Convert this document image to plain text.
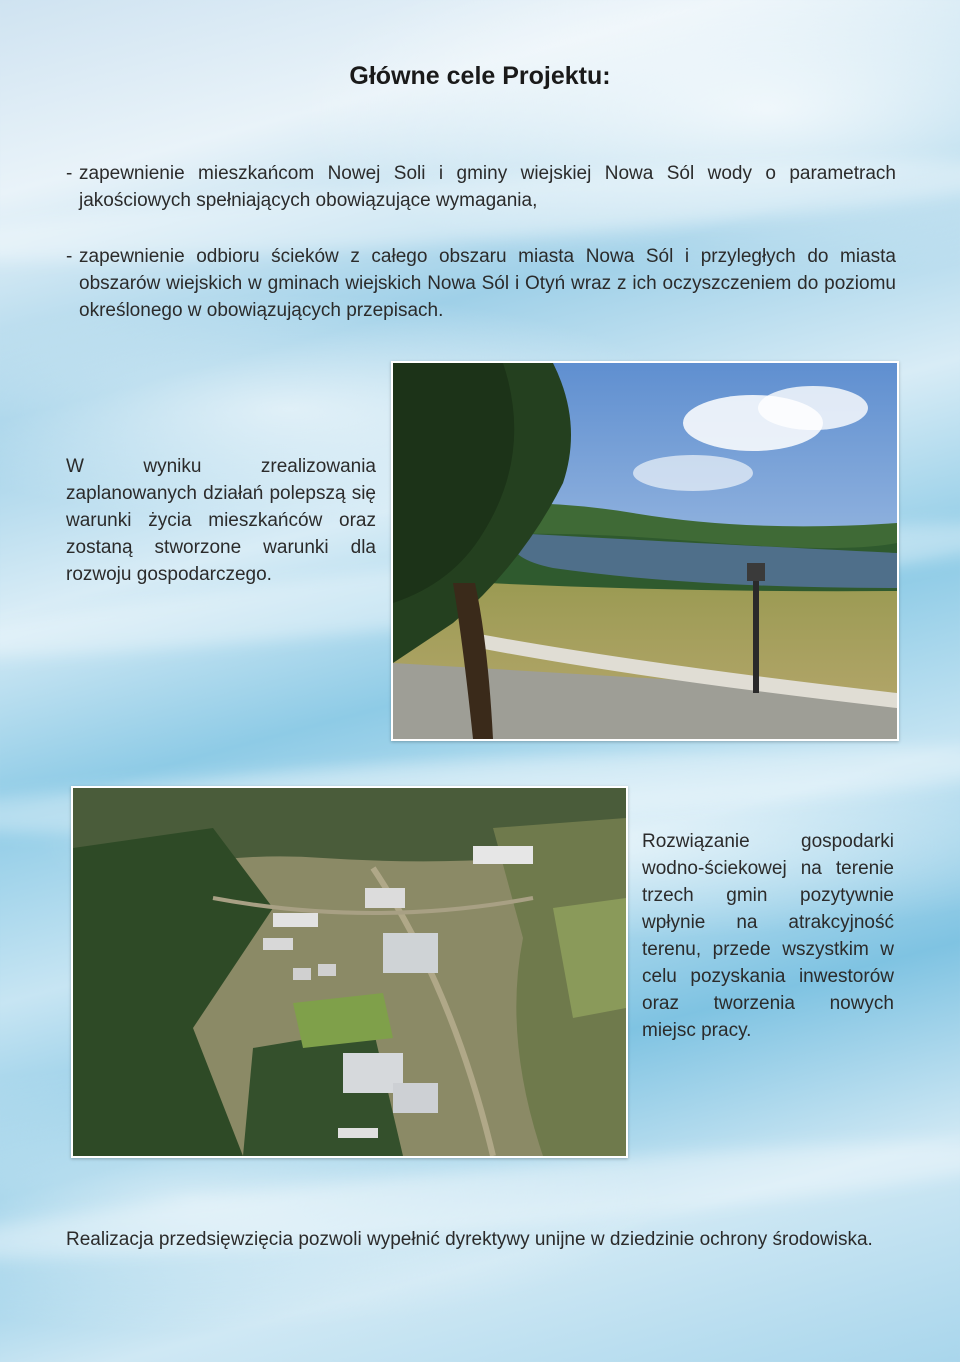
Główne cele Projektu:
- zapewnienie mieszkańcom Nowej Soli i gminy wiejskiej Nowa Sól wody o parametrach jakościowych spełniających obowiązujące wymagania,
- zapewnienie odbioru ścieków z całego obszaru miasta Nowa Sól i przyległych do miasta obszarów wiejskich w gminach wiejskich Nowa Sól i Otyń wraz z ich oczyszczeniem do poziomu określonego w obowiązujących przepisach.

W wyniku zrealizowania zaplanowanych działań polepszą się warunki życia mieszkańców oraz zostaną stworzone warunki dla rozwoju gospodarczego.

Rozwiązanie gospodarki wodno-ściekowej na terenie trzech gmin pozytywnie wpłynie na atrakcyjność terenu, przede wszystkim w celu pozyskania inwestorów oraz tworzenia nowych miejsc pracy.

Realizacja przedsięwzięcia pozwoli wypełnić dyrektywy unijne w dziedzinie ochrony środowiska.
